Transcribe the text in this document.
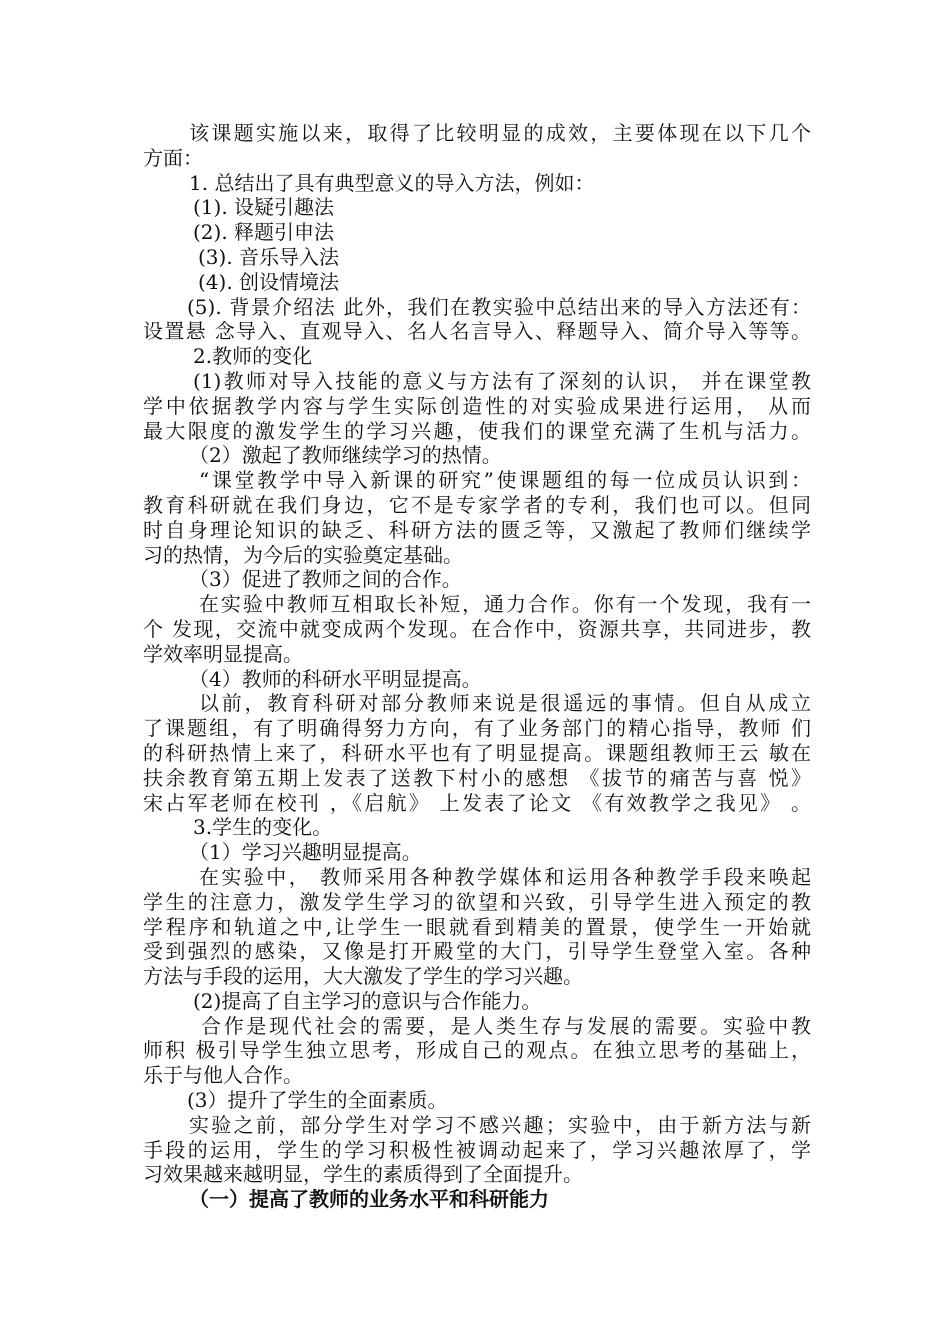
该课题实施以来，取得了比较明显的成效，主要体现在以下几个
方面：
1. 总结出了具有典型意义的导入方法，例如：
(1). 设疑引趣法
(2). 释题引申法
(3). 音乐导入法
(4). 创设情境法
(5). 背景介绍法 此外，我们在教实验中总结出来的导入方法还有：
设置悬 念导入、直观导入、名人名言导入、释题导入、简介导入等等。
2.教师的变化
(1)教师对导入技能的意义与方法有了深刻的认识， 并在课堂教
学中依据教学内容与学生实际创造性的对实验成果进行运用， 从而
最大限度的激发学生的学习兴趣，使我们的课堂充满了生机与活力。
（2）激起了教师继续学习的热情。
“课堂教学中导入新课的研究”使课题组的每一位成员认识到：
教育科研就在我们身边，它不是专家学者的专利，我们也可以。但同
时自身理论知识的缺乏、科研方法的匮乏等，又激起了教师们继续学
习的热情，为今后的实验奠定基础。
（3）促进了教师之间的合作。
在实验中教师互相取长补短，通力合作。你有一个发现，我有一
个 发现，交流中就变成两个发现。在合作中，资源共享，共同进步，教
学效率明显提高。
（4）教师的科研水平明显提高。
以前，教育科研对部分教师来说是很遥远的事情。但自从成立
了课题组，有了明确得努力方向，有了业务部门的精心指导，教师 们
的科研热情上来了，科研水平也有了明显提高。课题组教师王云 敏在
扶余教育第五期上发表了送教下村小的感想 《拔节的痛苦与喜 悦》
宋占军老师在校刊 ，《启航》 上发表了论文 《有效教学之我见》 。
3.学生的变化。
（1）学习兴趣明显提高。
在实验中， 教师采用各种教学媒体和运用各种教学手段来唤起
学生的注意力，激发学生学习的欲望和兴致，引导学生进入预定的教
学程序和轨道之中,让学生一眼就看到精美的置景，使学生一开始就
受到强烈的感染，又像是打开殿堂的大门，引导学生登堂入室。各种
方法与手段的运用，大大激发了学生的学习兴趣。
(2)提高了自主学习的意识与合作能力。
合作是现代社会的需要，是人类生存与发展的需要。实验中教
师积 极引导学生独立思考，形成自己的观点。在独立思考的基础上，
乐于与他人合作。
(3）提升了学生的全面素质。
实验之前，部分学生对学习不感兴趣；实验中，由于新方法与新
手段的运用，学生的学习积极性被调动起来了，学习兴趣浓厚了，学
习效果越来越明显，学生的素质得到了全面提升。
（一）提高了教师的业务水平和科研能力
